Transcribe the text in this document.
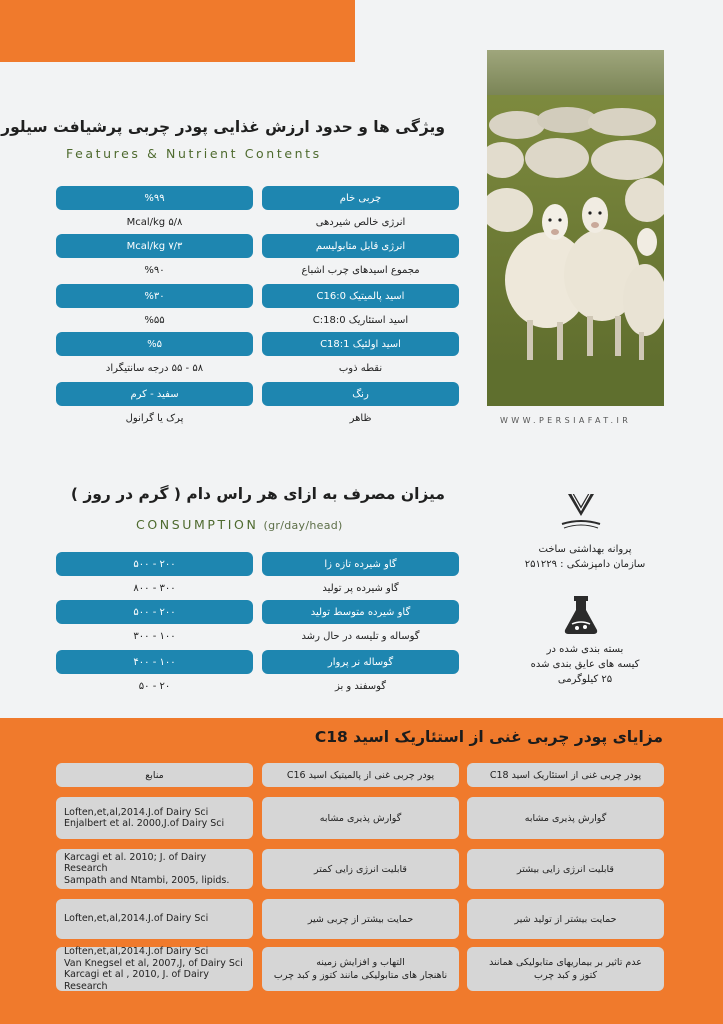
ویژگی ها و حدود ارزش غذایی پودر چربی پرشیافت سیلور
Features & Nutrient Contents
چربی خام
%۹۹
انرژی خالص شیردهی
۵/۸ Mcal/kg
انرژی قابل متابولیسم
۷/۳ Mcal/kg
مجموع اسیدهای چرب اشباع
%۹۰
اسید پالمیتیک C16:0
%۳۰
اسید استئاریک C:18:0
%۵۵
اسید اولئیک C18:1
%۵
نقطه ذوب
۵۸ - ۵۵ درجه سانتیگراد
رنگ
سفید - کرم
ظاهر
پرک یا گرانول	WWW.PERSIAFAT.IR
میزان مصرف به ازای هر راس دام ( گرم در روز )
CONSUMPTION (gr/day/head)
گاو شیرده تازه زا
۲۰۰ - ۵۰۰
گاو شیرده پر تولید
۳۰۰ - ۸۰۰
گاو شیرده متوسط تولید
۲۰۰ - ۵۰۰
گوساله و تلیسه در حال رشد
۱۰۰ - ۳۰۰
گوساله نر پروار
۱۰۰ - ۴۰۰
گوسفند و بز
۲۰ - ۵۰
پروانه بهداشتی ساخت
سازمان دامپزشکی : ۲۵۱۲۲۹
بسته بندی شده در
کیسه های عایق بندی شده
۲۵ کیلوگرمی
مزایای پودر چربی غنی از استئاریک اسید C18
پودر چربی غنی از استئاریک اسید C18
پودر چربی غنی از پالمیتیک اسید C16
منابع
گوارش پذیری مشابه
گوارش پذیری مشابه
Loften,et,al,2014.J.of Dairy Sci
Enjalbert et al. 2000,J.of Dairy Sci
قابلیت انرژی زایی بیشتر
قابلیت انرژی زایی کمتر
Karcagi et al. 2010; J. of Dairy Research
Sampath and Ntambi, 2005, lipids.
حمایت بیشتر از تولید شیر
حمایت بیشتر از چربی شیر
Loften,et,al,2014.J.of Dairy Sci
عدم تاثیر بر بیماریهای متابولیکی همانند
کتوز و کبد چرب
التهاب و افزایش زمینه
ناهنجار های متابولیکی مانند کتوز و کبد چرب
Loften,et,al,2014.J.of Dairy Sci
Van Knegsel et al, 2007,J, of Dairy Sci
Karcagi et al , 2010, J. of Dairy Research
